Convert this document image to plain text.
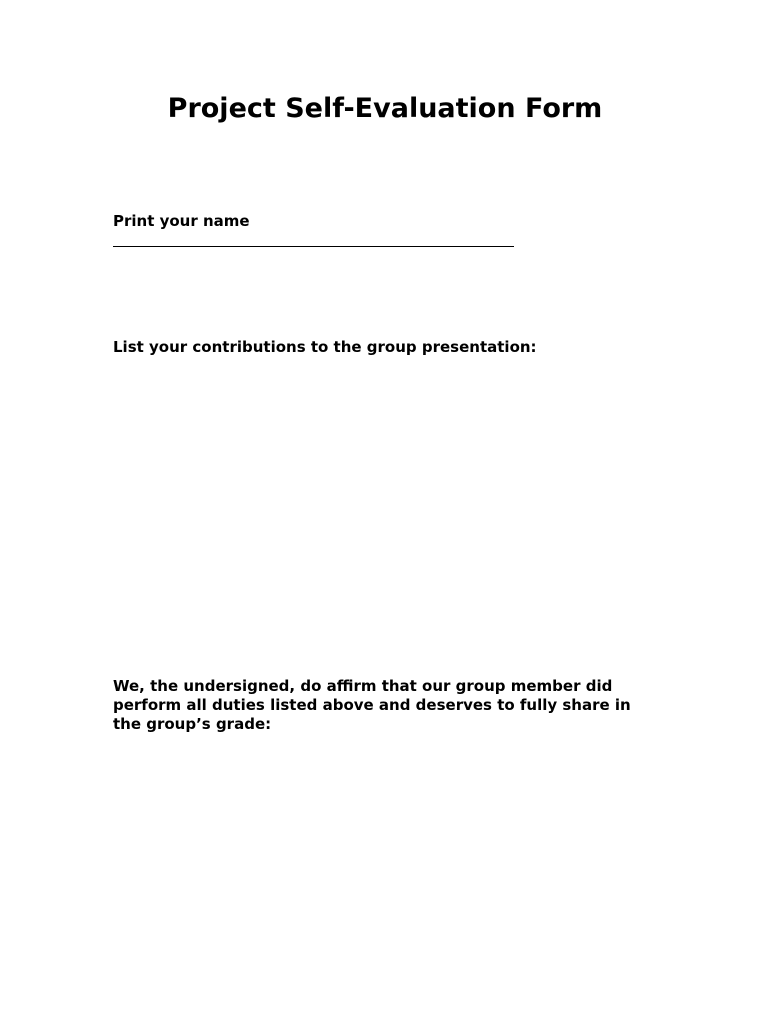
Project Self-Evaluation Form
Print your name
List your contributions to the group presentation:
We, the undersigned, do affirm that our group member did
perform all duties listed above and deserves to fully share in
the group’s grade:
